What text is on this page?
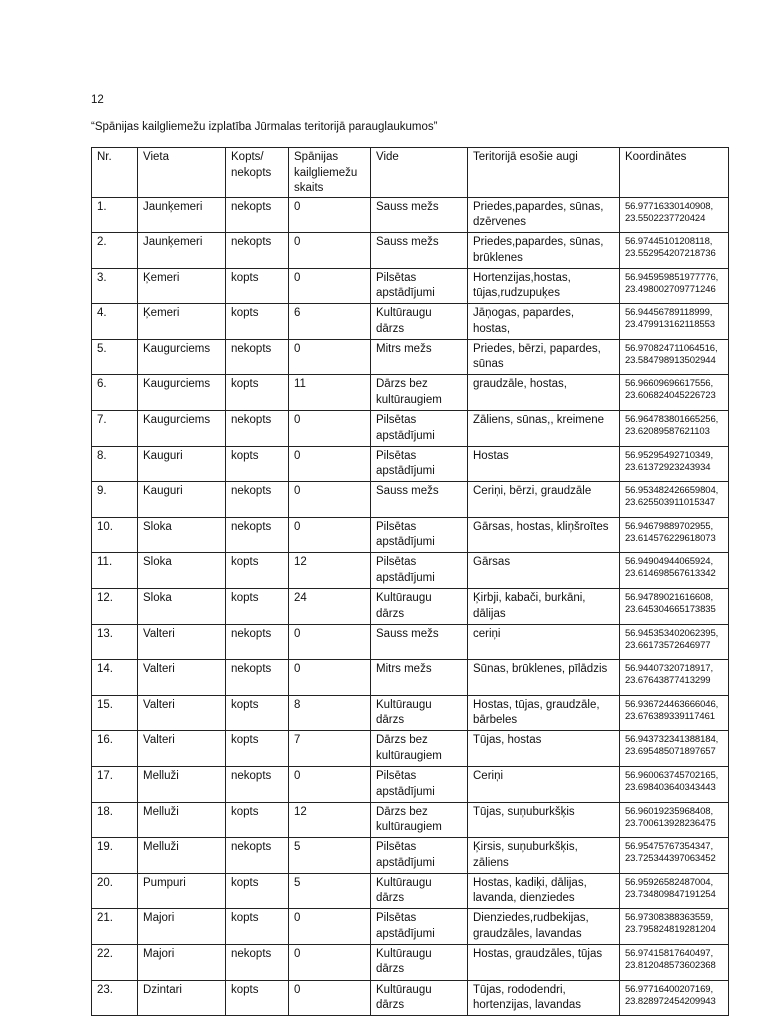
12
“Spānijas kailgliemežu izplatība Jūrmalas teritorijā parauglaukumos”
Nr.	Vieta	Kopts/ nekopts	Spānijas kailgliemežu skaits	Vide	Teritorijā esošie augi	Koordinātes
1.	Jaunķemeri	nekopts	0	Sauss mežs	Priedes,papardes, sūnas, dzērvenes	56.97716330140908,
23.5502237720424

2.	Jaunķemeri	nekopts	0	Sauss mežs	Priedes,papardes, sūnas, brūklenes	56.97445101208118,
23.552954207218736

3.	Ķemeri	kopts	0	Pilsētas apstādījumi	Hortenzijas,hostas, tūjas,rudzupuķes	56.945959851977776,
23.498002709771246

4.	Ķemeri	kopts	6	Kultūraugu dārzs	Jāņogas, papardes, hostas,	56.94456789118999,
23.479913162118553

5.	Kaugurciems	nekopts	0	Mitrs mežs	Priedes, bērzi, papardes, sūnas	56.970824711064516,
23.584798913502944

6.	Kaugurciems	kopts	11	Dārzs bez kultūraugiem	graudzāle, hostas,	56.96609696617556,
23.606824045226723

7.	Kaugurciems	nekopts	0	Pilsētas apstādījumi	Zāliens, sūnas,, kreimene	56.964783801665256,
23.62089587621103

8.	Kauguri	kopts	0	Pilsētas apstādījumi	Hostas	56.95295492710349,
23.61372923243934

9.	Kauguri	nekopts	0	Sauss mežs	Ceriņi, bērzi, graudzāle	56.953482426659804,
23.625503911015347

10.	Sloka	nekopts	0	Pilsētas apstādījumi	Gārsas, hostas, kliņšroītes	56.94679889702955,
23.614576229618073

11.	Sloka	kopts	12	Pilsētas apstādījumi	Gārsas	56.94904944065924,
23.614698567613342

12.	Sloka	kopts	24	Kultūraugu dārzs	Ķirbji, kabači, burkāni, dālijas	56.94789021616608,
23.645304665173835

13.	Valteri	nekopts	0	Sauss mežs	ceriņi	56.945353402062395,
23.66173572646977

14.	Valteri	nekopts	0	Mitrs mežs	Sūnas, brūklenes, pīlādzis	56.94407320718917,
23.67643877413299

15.	Valteri	kopts	8	Kultūraugu dārzs	Hostas, tūjas, graudzāle, bārbeles	56.936724463666046,
23.676389339117461

16.	Valteri	kopts	7	Dārzs bez kultūraugiem	Tūjas, hostas	56.943732341388184,
23.695485071897657

17.	Melluži	nekopts	0	Pilsētas apstādījumi	Ceriņi	56.960063745702165,
23.698403640343443

18.	Melluži	kopts	12	Dārzs bez kultūraugiem	Tūjas, suņuburkšķis	56.96019235968408,
23.700613928236475

19.	Melluži	nekopts	5	Pilsētas apstādījumi	Ķirsis, suņuburkšķis, zāliens	56.95475767354347,
23.725344397063452

20.	Pumpuri	kopts	5	Kultūraugu dārzs	Hostas, kadiķi, dālijas, lavanda, dienziedes	56.95926582487004,
23.734809847191254

21.	Majori	kopts	0	Pilsētas apstādījumi	Dienziedes,rudbekijas, graudzāles, lavandas	56.97308388363559,
23.795824819281204

22.	Majori	nekopts	0	Kultūraugu dārzs	Hostas, graudzāles, tūjas	56.97415817640497,
23.812048573602368

23.	Dzintari	kopts	0	Kultūraugu dārzs	Tūjas, rododendri, hortenzijas, lavandas	56.97716400207169,
23.828972454209943
